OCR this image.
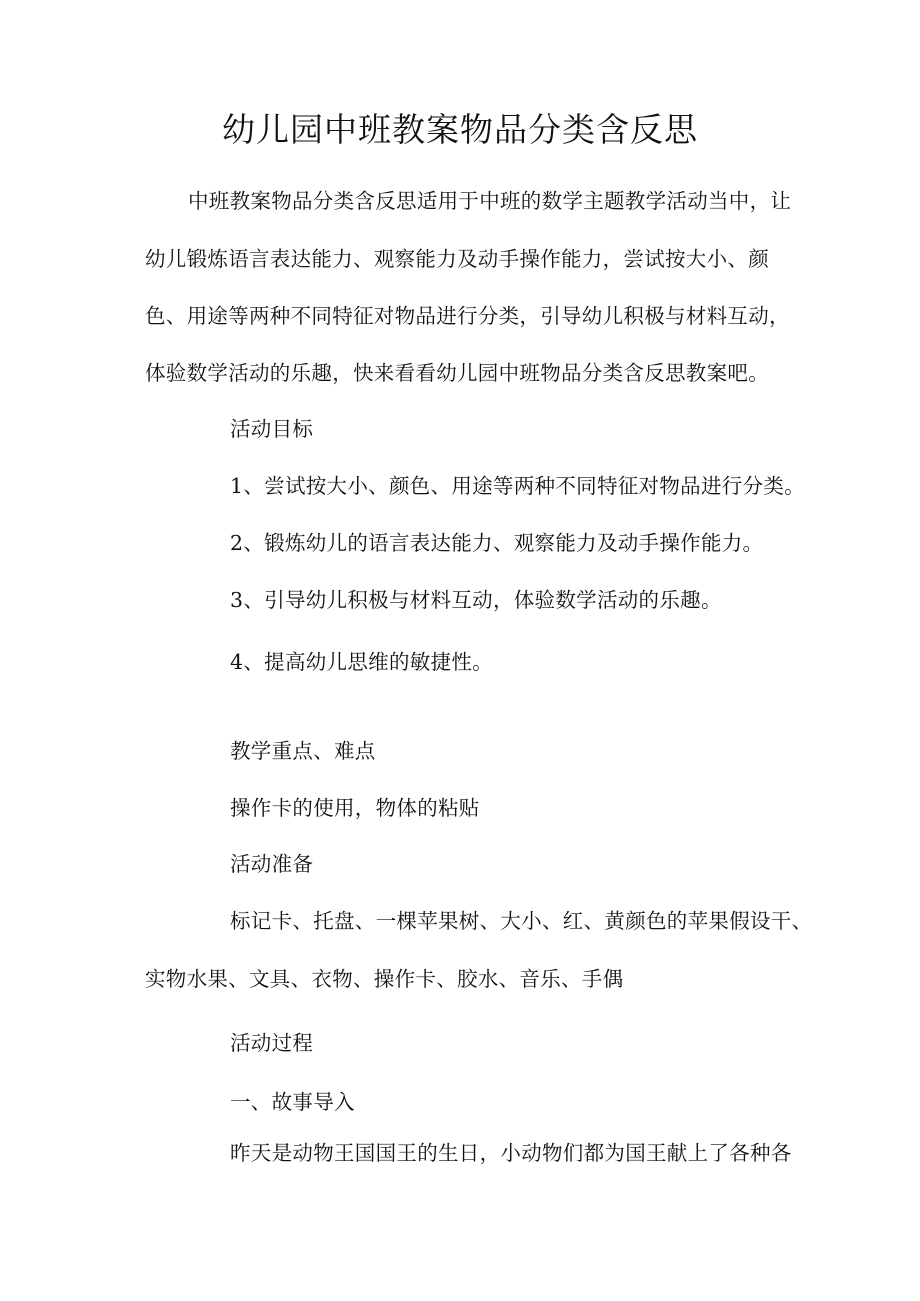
幼儿园中班教案物品分类含反思
中班教案物品分类含反思适用于中班的数学主题教学活动当中，让
幼儿锻炼语言表达能力、观察能力及动手操作能力，尝试按大小、颜
色、用途等两种不同特征对物品进行分类，引导幼儿积极与材料互动，
体验数学活动的乐趣，快来看看幼儿园中班物品分类含反思教案吧。
活动目标
1、尝试按大小、颜色、用途等两种不同特征对物品进行分类。
2、锻炼幼儿的语言表达能力、观察能力及动手操作能力。
3、引导幼儿积极与材料互动，体验数学活动的乐趣。
4、提高幼儿思维的敏捷性。
教学重点、难点
操作卡的使用，物体的粘贴
活动准备
标记卡、托盘、一棵苹果树、大小、红、黄颜色的苹果假设干、
实物水果、文具、衣物、操作卡、胶水、音乐、手偶
活动过程
一、故事导入
昨天是动物王国国王的生日，小动物们都为国王献上了各种各
